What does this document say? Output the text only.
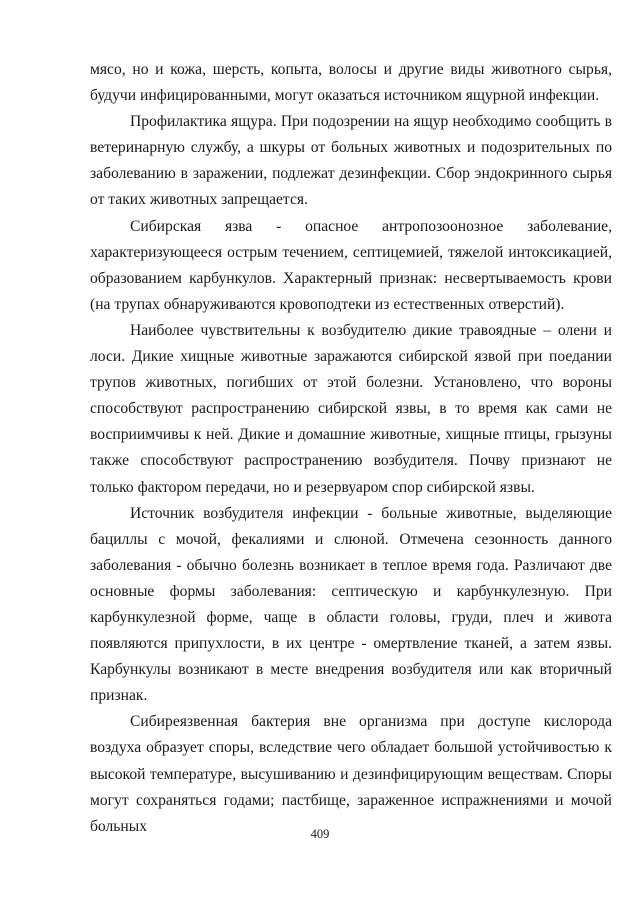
мясо, но и кожа, шерсть, копыта, волосы и другие виды животного сырья, будучи инфицированными, могут оказаться источником ящурной инфекции.

Профилактика ящура. При подозрении на ящур необходимо сообщить в ветеринарную службу, а шкуры от больных животных и подозрительных по заболеванию в заражении, подлежат дезинфекции. Сбор эндокринного сырья от таких животных запрещается.

Сибирская язва - опасное антропозоонозное заболевание, характеризующееся острым течением, септицемией, тяжелой интоксикацией, образованием карбункулов. Характерный признак: несвертываемость крови (на трупах обнаруживаются кровоподтеки из естественных отверстий).

Наиболее чувствительны к возбудителю дикие травоядные – олени и лоси. Дикие хищные животные заражаются сибирской язвой при поедании трупов животных, погибших от этой болезни. Установлено, что вороны способствуют распространению сибирской язвы, в то время как сами не восприимчивы к ней. Дикие и домашние животные, хищные птицы, грызуны также способствуют распространению возбудителя. Почву признают не только фактором передачи, но и резервуаром спор сибирской язвы.

Источник возбудителя инфекции - больные животные, выделяющие бациллы с мочой, фекалиями и слюной. Отмечена сезонность данного заболевания - обычно болезнь возникает в теплое время года. Различают две основные формы заболевания: септическую и карбункулезную. При карбункулезной форме, чаще в области головы, груди, плеч и живота появляются припухлости, в их центре - омертвление тканей, а затем язвы. Карбункулы возникают в месте внедрения возбудителя или как вторичный признак.

Сибиреязвенная бактерия вне организма при доступе кислорода воздуха образует споры, вследствие чего обладает большой устойчивостью к высокой температуре, высушиванию и дезинфицирующим веществам. Споры могут сохраняться годами; пастбище, зараженное испражнениями и мочой больных	409
